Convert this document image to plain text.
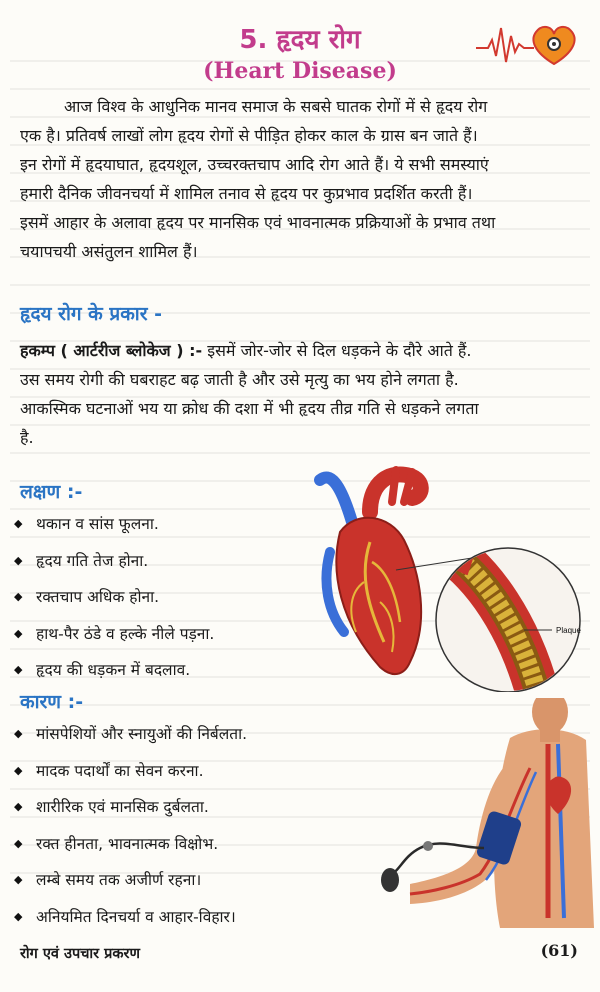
5. हृदय रोग
(Heart Disease)
आज विश्व के आधुनिक मानव समाज के सबसे घातक रोगों में से हृदय रोग
एक है। प्रतिवर्ष लाखों लोग हृदय रोगों से पीड़ित होकर काल के ग्रास बन जाते हैं।
इन रोगों में हृदयाघात, हृदयशूल, उच्चरक्तचाप आदि रोग आते हैं। ये सभी समस्याएं
हमारी दैनिक जीवनचर्या में शामिल तनाव से हृदय पर कुप्रभाव प्रदर्शित करती हैं।
इसमें आहार के अलावा हृदय पर मानसिक एवं भावनात्मक प्रक्रियाओं के प्रभाव तथा
चयापचयी असंतुलन शामिल हैं।
हृदय रोग के प्रकार -
हकम्प ( आर्टरीज ब्लोकेज ) :- इसमें जोर-जोर से दिल धड़कने के दौरे आते हैं.
उस समय रोगी की घबराहट बढ़ जाती है और उसे मृत्यु का भय होने लगता है.
आकस्मिक घटनाओं भय या क्रोध की दशा में भी हृदय तीव्र गति से धड़कने लगता
है.
लक्षण :-
◆ थकान व सांस फूलना.
◆ हृदय गति तेज होना.
◆ रक्तचाप अधिक होना.
◆ हाथ-पैर ठंडे व हल्के नीले पड़ना.
◆ हृदय की धड़कन में बदलाव.
कारण :-
◆ मांसपेशियों और स्नायुओं की निर्बलता.
◆ मादक पदार्थों का सेवन करना.
◆ शारीरिक एवं मानसिक दुर्बलता.
◆ रक्त हीनता, भावनात्मक विक्षोभ.
◆ लम्बे समय तक अजीर्ण रहना।
◆ अनियमित दिनचर्या व आहार-विहार।
Plaque
रोग एवं उपचार प्रकरण	(61)
